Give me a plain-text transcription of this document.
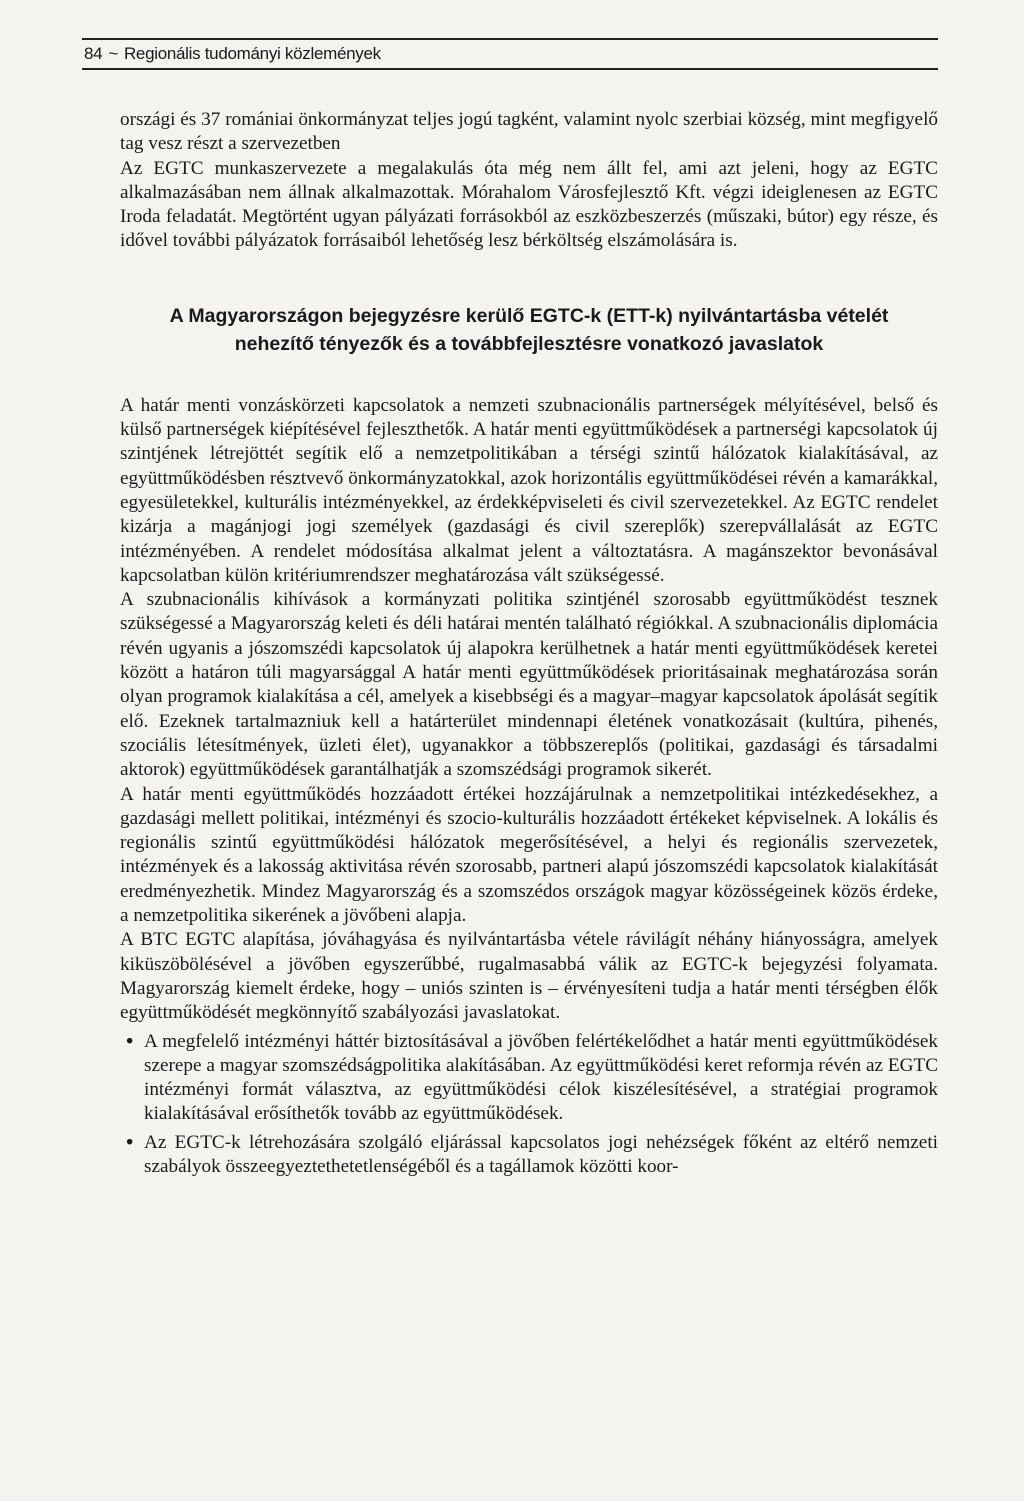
84 ~ Regionális tudományi közlemények

országi és 37 romániai önkormányzat teljes jogú tagként, valamint nyolc szerbiai község, mint megfigyelő tag vesz részt a szervezetben

Az EGTC munkaszervezete a megalakulás óta még nem állt fel, ami azt jeleni, hogy az EGTC alkalmazásában nem állnak alkalmazottak. Mórahalom Városfejlesztő Kft. végzi ideiglenesen az EGTC Iroda feladatát. Megtörtént ugyan pályázati forrásokból az eszközbeszerzés (műszaki, bútor) egy része, és idővel további pályázatok forrásaiból lehetőség lesz bérköltség elszámolására is.

A Magyarországon bejegyzésre kerülő EGTC-k (ETT-k) nyilvántartásba vételét
nehezítő tényezők és a továbbfejlesztésre vonatkozó javaslatok

A határ menti vonzáskörzeti kapcsolatok a nemzeti szubnacionális partnerségek mélyítésével, belső és külső partnerségek kiépítésével fejleszthetők. A határ menti együttműködések a partnerségi kapcsolatok új szintjének létrejöttét segítik elő a nemzetpolitikában a térségi szintű hálózatok kialakításával, az együttműködésben résztvevő önkormányzatokkal, azok horizontális együttműködései révén a kamarákkal, egyesületekkel, kulturális intézményekkel, az érdekképviseleti és civil szervezetekkel. Az EGTC rendelet kizárja a magánjogi jogi személyek (gazdasági és civil szereplők) szerepvállalását az EGTC intézményében. A rendelet módosítása alkalmat jelent a változtatásra. A magánszektor bevonásával kapcsolatban külön kritériumrendszer meghatározása vált szükségessé.

A szubnacionális kihívások a kormányzati politika szintjénél szorosabb együttműködést tesznek szükségessé a Magyarország keleti és déli határai mentén található régiókkal. A szubnacionális diplomácia révén ugyanis a jószomszédi kapcsolatok új alapokra kerülhetnek a határ menti együttműködések keretei között a határon túli magyarsággal A határ menti együttműködések prioritásainak meghatározása során olyan programok kialakítása a cél, amelyek a kisebbségi és a magyar–magyar kapcsolatok ápolását segítik elő. Ezeknek tartalmazniuk kell a határterület mindennapi életének vonatkozásait (kultúra, pihenés, szociális létesítmények, üzleti élet), ugyanakkor a többszereplős (politikai, gazdasági és társadalmi aktorok) együttműködések garantálhatják a szomszédsági programok sikerét.

A határ menti együttműködés hozzáadott értékei hozzájárulnak a nemzetpolitikai intézkedésekhez, a gazdasági mellett politikai, intézményi és szocio-kulturális hozzáadott értékeket képviselnek. A lokális és regionális szintű együttműködési hálózatok megerősítésével, a helyi és regionális szervezetek, intézmények és a lakosság aktivitása révén szorosabb, partneri alapú jószomszédi kapcsolatok kialakítását eredményezhetik. Mindez Magyarország és a szomszédos országok magyar közösségeinek közös érdeke, a nemzetpolitika sikerének a jövőbeni alapja.

A BTC EGTC alapítása, jóváhagyása és nyilvántartásba vétele rávilágít néhány hiányosságra, amelyek kiküszöbölésével a jövőben egyszerűbbé, rugalmasabbá válik az EGTC-k bejegyzési folyamata. Magyarország kiemelt érdeke, hogy – uniós szinten is – érvényesíteni tudja a határ menti térségben élők együttműködését megkönnyítő szabályozási javaslatokat.

• A megfelelő intézményi háttér biztosításával a jövőben felértékelődhet a határ menti együttműködések szerepe a magyar szomszédságpolitika alakításában. Az együttműködési keret reformja révén az EGTC intézményi formát választva, az együttműködési célok kiszélesítésével, a stratégiai programok kialakításával erősíthetők tovább az együttműködések.
• Az EGTC-k létrehozására szolgáló eljárással kapcsolatos jogi nehézségek főként az eltérő nemzeti szabályok összeegyeztethetetlenségéből és a tagállamok közötti koor-
